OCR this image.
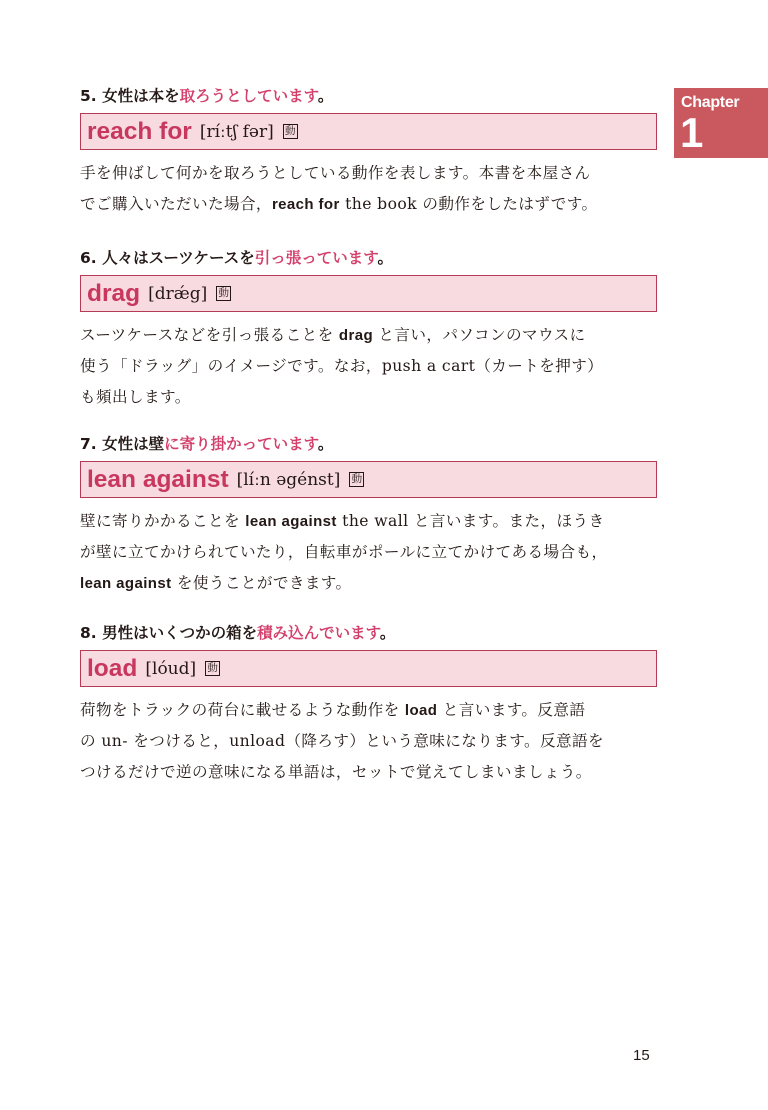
Chapter
1
5. 女性は本を取ろうとしています。
reach for [ríːtʃ fər] 動

手を伸ばして何かを取ろうとしている動作を表します。本書を本屋さん

でご購入いただいた場合，reach for the book の動作をしたはずです。

6. 人々はスーツケースを引っ張っています。
drag [drǽg] 動

スーツケースなどを引っ張ることを drag と言い，パソコンのマウスに

使う「ドラッグ」のイメージです。なお，push a cart（カートを押す）

も頻出します。

7. 女性は壁に寄り掛かっています。
lean against [líːn əgénst] 動

壁に寄りかかることを lean against the wall と言います。また，ほうき

が壁に立てかけられていたり，自転車がポールに立てかけてある場合も，

lean against を使うことができます。

8. 男性はいくつかの箱を積み込んでいます。
load [lóud] 動

荷物をトラックの荷台に載せるような動作を load と言います。反意語

の un- をつけると，unload（降ろす）という意味になります。反意語を

つけるだけで逆の意味になる単語は，セットで覚えてしまいましょう。

15
